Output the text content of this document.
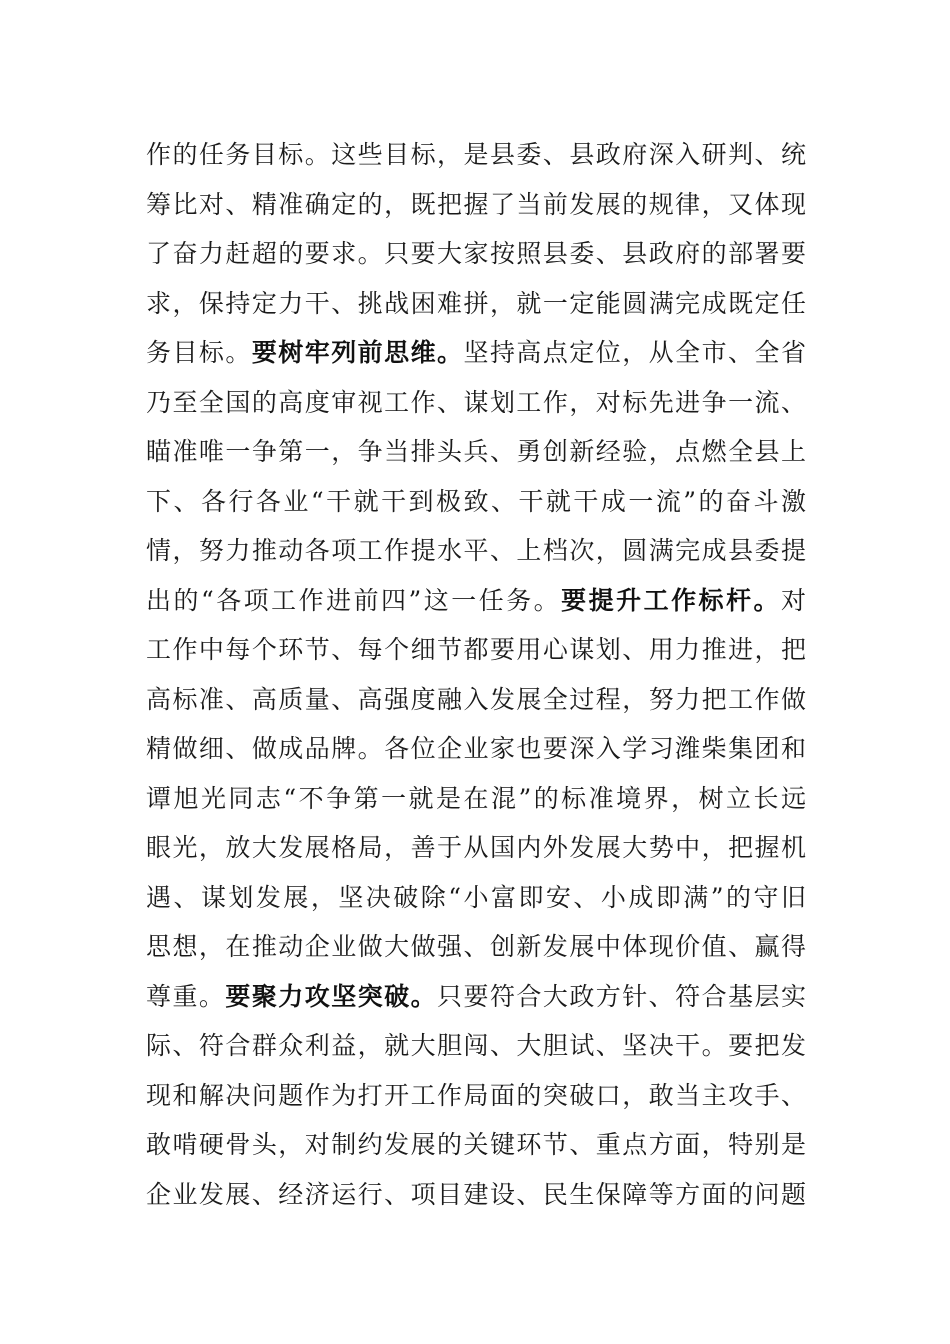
作的任务目标。这些目标，是县委、县政府深入研判、统
筹比对、精准确定的，既把握了当前发展的规律，又体现
了奋力赶超的要求。只要大家按照县委、县政府的部署要
求，保持定力干、挑战困难拼，就一定能圆满完成既定任
务目标。要树牢列前思维。坚持高点定位，从全市、全省
乃至全国的高度审视工作、谋划工作，对标先进争一流、
瞄准唯一争第一，争当排头兵、勇创新经验，点燃全县上
下、各行各业“干就干到极致、干就干成一流”的奋斗激
情，努力推动各项工作提水平、上档次，圆满完成县委提
出的“各项工作进前四”这一任务。要提升工作标杆。对
工作中每个环节、每个细节都要用心谋划、用力推进，把
高标准、高质量、高强度融入发展全过程，努力把工作做
精做细、做成品牌。各位企业家也要深入学习潍柴集团和
谭旭光同志“不争第一就是在混”的标准境界，树立长远
眼光，放大发展格局，善于从国内外发展大势中，把握机
遇、谋划发展，坚决破除“小富即安、小成即满”的守旧
思想，在推动企业做大做强、创新发展中体现价值、赢得
尊重。要聚力攻坚突破。只要符合大政方针、符合基层实
际、符合群众利益，就大胆闯、大胆试、坚决干。要把发
现和解决问题作为打开工作局面的突破口，敢当主攻手、
敢啃硬骨头，对制约发展的关键环节、重点方面，特别是
企业发展、经济运行、项目建设、民生保障等方面的问题
